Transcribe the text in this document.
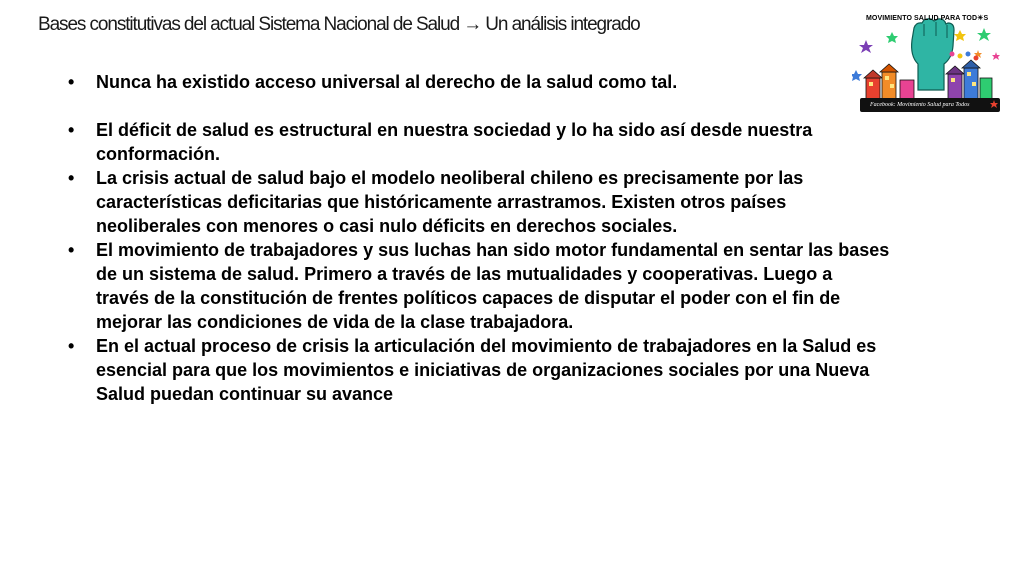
Bases constitutivas del actual Sistema Nacional de Salud → Un análisis integrado
• Nunca ha existido acceso universal al derecho de la salud como tal.
• El déficit de salud es estructural en nuestra sociedad y lo ha sido así desde nuestra conformación.
• La crisis actual de salud bajo el modelo neoliberal chileno es precisamente por las características deficitarias que históricamente arrastramos. Existen otros países neoliberales con menores o casi nulo déficits en derechos sociales.
• El movimiento de trabajadores y sus luchas han sido motor fundamental en sentar las bases de un sistema de salud. Primero a través de las mutualidades y cooperativas. Luego a través de la constitución de frentes políticos capaces de disputar el poder con el fin de mejorar las condiciones de vida de la clase trabajadora.
• En el actual proceso de crisis la articulación del movimiento de trabajadores en la Salud es esencial para que los movimientos e iniciativas de organizaciones sociales por una Nueva Salud puedan continuar su avance
MOVIMIENTO SALUD PARA TOD☀S
Facebook: Movimiento Salud para Todos
